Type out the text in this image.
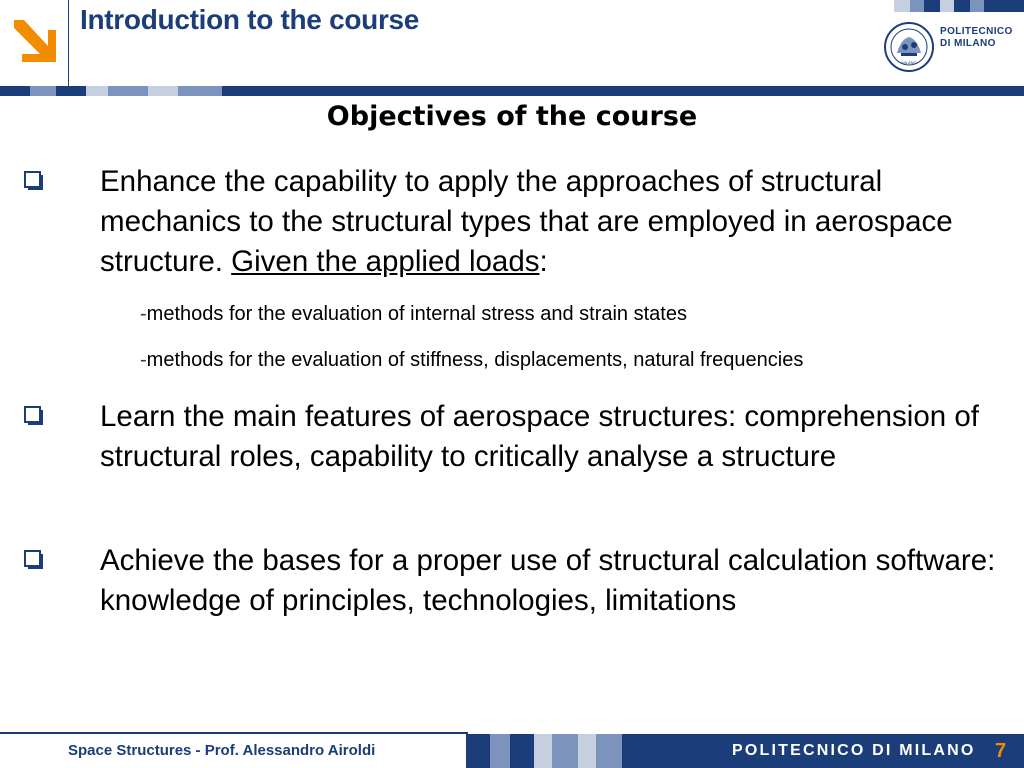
Introduction to the course
MILANO
POLITECNICO
DI MILANO
Objectives of the course

Enhance the capability to apply the approaches of structural mechanics to the structural types that are employed in aerospace structure. Given the applied loads:

-methods for the evaluation of internal stress and strain states
-methods for the evaluation of stiffness, displacements, natural frequencies

Learn the main features of aerospace structures: comprehension of structural roles, capability to critically analyse a structure

Achieve the bases for a proper use of structural calculation software: knowledge of principles, technologies, limitations

Space Structures - Prof. Alessandro Airoldi	POLITECNICO DI MILANO 7
